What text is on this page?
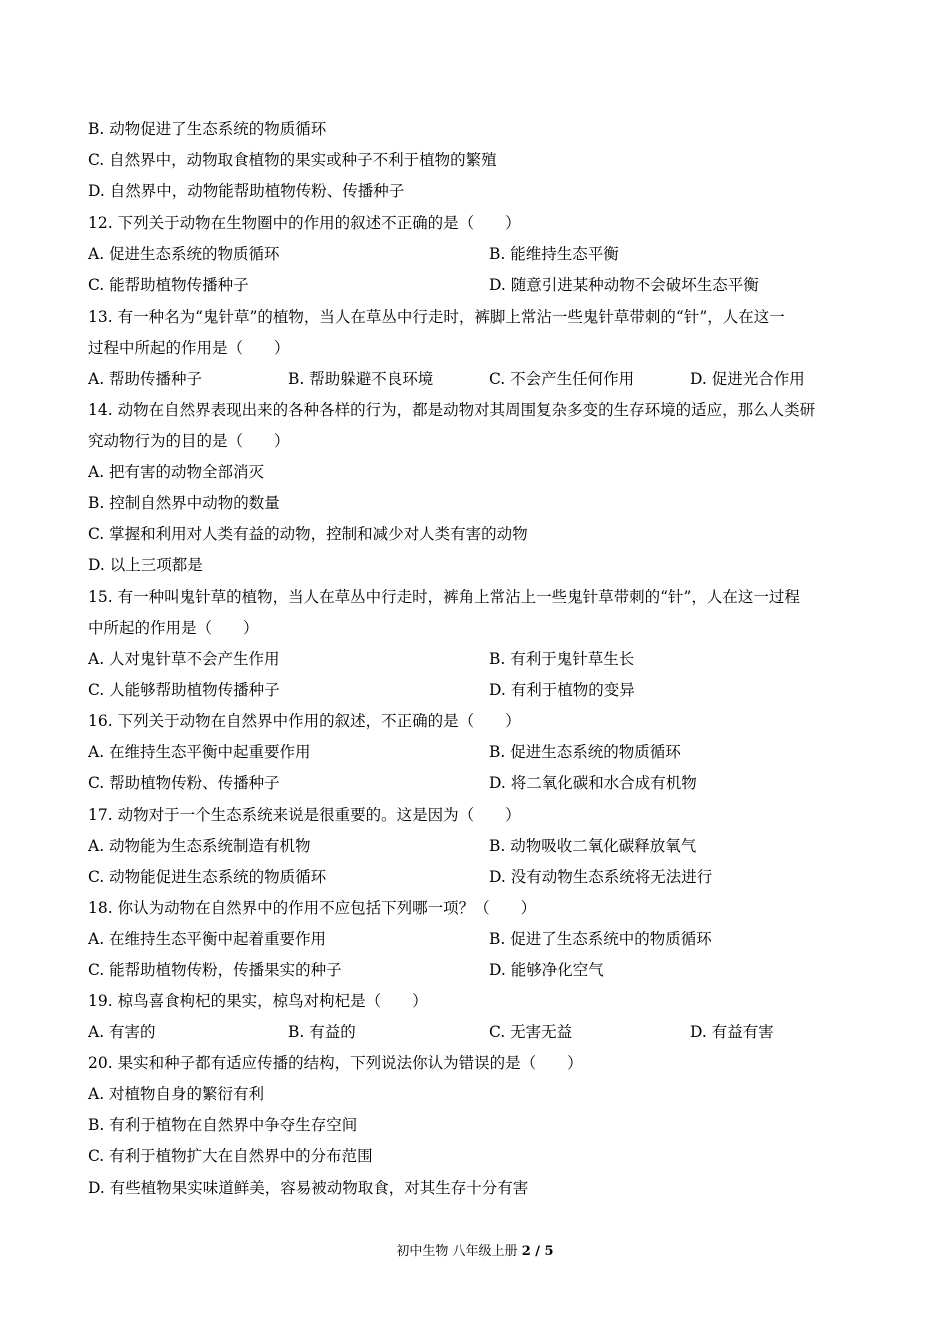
B. 动物促进了生态系统的物质循环
C. 自然界中，动物取食植物的果实或种子不利于植物的繁殖
D. 自然界中，动物能帮助植物传粉、传播种子
12. 下列关于动物在生物圈中的作用的叙述不正确的是（　　）
A. 促进生态系统的物质循环	B. 能维持生态平衡
C. 能帮助植物传播种子	D. 随意引进某种动物不会破坏生态平衡
13. 有一种名为“鬼针草”的植物，当人在草丛中行走时，裤脚上常沾一些鬼针草带刺的“针”，人在这一
过程中所起的作用是（　　）
A. 帮助传播种子	B. 帮助躲避不良环境	C. 不会产生任何作用	D. 促进光合作用
14. 动物在自然界表现出来的各种各样的行为，都是动物对其周围复杂多变的生存环境的适应，那么人类研
究动物行为的目的是（　　）
A. 把有害的动物全部消灭
B. 控制自然界中动物的数量
C. 掌握和利用对人类有益的动物，控制和减少对人类有害的动物
D. 以上三项都是
15. 有一种叫鬼针草的植物，当人在草丛中行走时，裤角上常沾上一些鬼针草带刺的“针”，人在这一过程
中所起的作用是（　　）
A. 人对鬼针草不会产生作用	B. 有利于鬼针草生长
C. 人能够帮助植物传播种子	D. 有利于植物的变异
16. 下列关于动物在自然界中作用的叙述，不正确的是（　　）
A. 在维持生态平衡中起重要作用	B. 促进生态系统的物质循环
C. 帮助植物传粉、传播种子	D. 将二氧化碳和水合成有机物
17. 动物对于一个生态系统来说是很重要的。这是因为（　　）
A. 动物能为生态系统制造有机物	B. 动物吸收二氧化碳释放氧气
C. 动物能促进生态系统的物质循环	D. 没有动物生态系统将无法进行
18. 你认为动物在自然界中的作用不应包括下列哪一项？（　　）
A. 在维持生态平衡中起着重要作用	B. 促进了生态系统中的物质循环
C. 能帮助植物传粉，传播果实的种子	D. 能够净化空气
19. 椋鸟喜食枸杞的果实，椋鸟对枸杞是（　　）
A. 有害的	B. 有益的	C. 无害无益	D. 有益有害
20. 果实和种子都有适应传播的结构，下列说法你认为错误的是（　　）
A. 对植物自身的繁衍有利
B. 有利于植物在自然界中争夺生存空间
C. 有利于植物扩大在自然界中的分布范围
D. 有些植物果实味道鲜美，容易被动物取食，对其生存十分有害
初中生物 八年级上册 2 / 5
